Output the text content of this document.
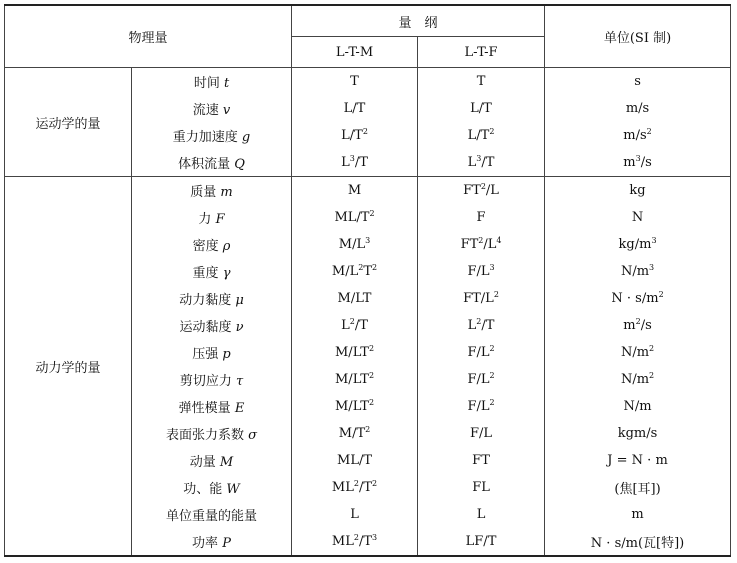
物理量		量　纲		单位(SI 制)
		L-T-M	L-T-F	
运动学的量	时间 t	T	T	s
	流速 v	L/T	L/T	m/s
	重力加速度 g	$L/T^2$	$L/T^2$	$m/s^2$
	体积流量 Q	$L^3/T$	$L^3/T$	$m^3/s$
动力学的量	质量 m	M	$FT^2/L$	kg
	力 F	$ML/T^2$	F	N
	密度 ρ	$M/L^3$	$FT^2/L^4$	$kg/m^3$
	重度 γ	$M/L^2T^2$	$F/L^3$	$N/m^3$
	动力黏度 μ	M/LT	$FT/L^2$	$N \cdot s/m^2$
	运动黏度 ν	$L^2/T$	$L^2/T$	$m^2/s$
	压强 p	$M/LT^2$	$F/L^2$	$N/m^2$
	剪切应力 τ	$M/LT^2$	$F/L^2$	$N/m^2$
	弹性模量 E	$M/LT^2$	$F/L^2$	N/m
	表面张力系数 σ	$M/T^2$	F/L	kgm/s
	动量 M	ML/T	FT	J = N · m
	功、能 W	$ML^2/T^2$	FL	(焦[耳])
	单位重量的能量	L	L	m
	功率 P	$ML^2/T^3$	LF/T	N · s/m(瓦[特])
